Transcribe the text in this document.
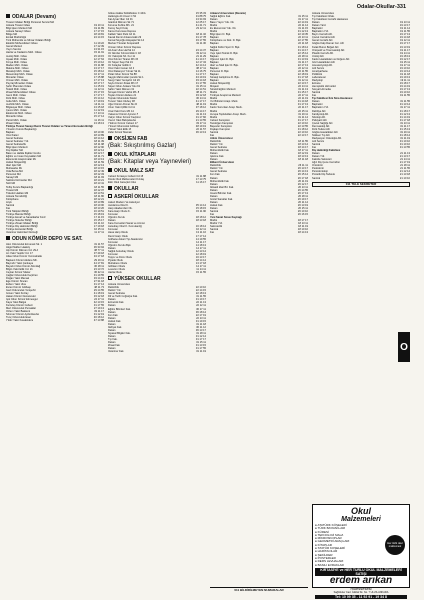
Odalar-Okullar-331
ODALAR (Devamı)
Ticaret Odaları Birliği Personel Servisi Md
Ankara Ticaret Odası	19 10 11
Bilgi İşlem Merkezi Md	19 11 89
Ankara Sanayi Odası	17 17 15
Bölge Md	18 19 81
Emlak Müdürlüğü	24 14 15
Türk Mühendis ve Mimar Odaları Birliği
Elektrik Mühendisleri Odası	11 19 22
Genel Merkez	17 12 39
Yayın Servisi	13 31 15
Harita ve Kadastro Müh. Odası	15 11 91
Jeoloji Müh. Odası	15 19 15
İnşaat Müh. Odası	12 17 64
Kimya Müh. Odası	15 10 12
Maden Müh. Odası	15 11 88
Makina Müh. Odası	13 17 17
Metalurji Müh. Odası	15 18 12
Meteoroloji Müh. Odası	16 17 11
Mimarlar Odası	17 15 88
Orman Müh. Odası	17 17 13
Peyzaj Mimarları Odası	18 17 17
Şehir Plancıları Odası	11 15 19
Tekstil Müh. Odası	11 12 11
Ziraat Mühendisleri Odası	15 17 15
Gemi Müh. Odası	17 17 17
Fizik Müh. Odası	15 14 12
Gıda Müh. Odası	17 19 19
Jeofizik Müh. Odası	14 11 11
Bilgisayar Müh. Odası	13 15 18
Çevre Müh. Odası	11 12 19
Elektronik Müh. Odası	17 13 11
Mimarlık Odası	15 17 14
Petrol Müh. Odası	11 16 11
Ziraat Odası	13 18 13
Türkiye Ticaret Sanayi Deniz Ticaret Odaları ve Ticaret Borsaları Birliği
Yönetim Kurulu Başkanlığı
Başkan	18 10 00
Özel Kalem	18 13 89
Genel Sekreter	18 14 12
Genel Sekreter Yrd.	18 11 39
Genel Sekreterlik	18 11 98
Bilgi İşlem Merkezi	18 12 90
Dış İlişkiler Md	18 12 14
Basın ve Halkla İlişkiler Grubu	18 12 17
Eğitim ve İnsan Kaynakları Md	18 11 71
Ekonomik Araştırmalar Md	18 13 13
Hukuk Müşavirliği	18 11 59
İdari İşler Md	18 12 13
Muhasebe Md	18 13 15
Oda Borsa Md	18 12 49
Personel Md	18 12 33
Sanayi Md	18 11 93
Sektörel Hizmetler Md	18 13 21
Sicil Md	18 13 41
Teftiş Kurulu Başkanlığı	18 11 55
Ticaret Md	18 12 37
Tüketici Hakları Md	18 13 51
Ankara Temsilciliği	18 11 80
Kütüphane	18 12 21
Arşiv	18 13 89
Santral	18 10 00
Fax	18 13 26
Türk Tabipleri Birliği	16 19 51
Türkiye Barolar Birliği	15 18 19
Türkiye Esnaf ve Sanatkarlar Konf.	17 11 15
Türkiye Noterler Birliği	15 15 17
Türkiye Ziraat Odaları Birliği	16 11 10
Türkiye Diş Hekimleri Birliği	17 19 18
Türkiye Eczacılar Birliği	16 15 11
Veteriner Hekimleri Derneği	11 17 11
ODUN KÖMÜR DEPO VE SAT.
Akın Odunculuk Ermenek Sk. 1	31 11 57
Akgül Nalbur Hasköy	36 33 94
Alp Kömür Dikmen Cd. 29 A	38 77 11
Arı Yakıt Yeşilöz Cd. 17	37 49 18
Atlas Odun Kömür Yenimahalle	34 17 18
Başkent Kömür Akdere Mh.	29 19 11
Bayındır Yakıt Çankaya	44 17 81
Beyazıt Odun Kömür Altındağ	36 18 11
Bilgin Yakıt Etlik Cd. 21	23 13 72
Ceylan Kömür Siteler	36 22 11
Çağlar Odunculuk Keçiören	31 19 55
Doğan Yakıt Mamak	33 14 19
Ege Kömür Sincan	27 31 18
Erdem Yakıt Ulus	31 17 14
Evren Kömür Gölbaşı	48 11 73
Gazi Odunculuk Yenişehir	29 14 55
Güven Yakıt Kızılay	41 18 19
Hakan Kömür Demetevler	33 12 18
Işık Odun Kömür Etimesgut	24 17 11
Kaya Yakıt Balgat	42 13 15
Kurtuluş Kömür Cebeci	31 17 55
Mert Odunculuk Pursaklar	27 19 13
Özlem Yakıt Batıkent	33 11 17
Sönmez Kömür Aydınlıkevler	31 12 19
Tunç Odunculuk Esat	46 18 12
Yıldız Yakıt Kavaklıdere	47 13 88
Göksu Halka Sülükbükce C 44/A	15 35 33
Hellenglu Ali Ünver C 52	31 88 75
Kat Ayvaz İlker Cd 31	13 34 93
İstanbul Dikmen Sk 71	12 25 17
Koruma Kubbe Mh. 21	41 41 71
Kuzey Seyri Kolej	23 12 11
Kamu Koruması Deposu
Kaliteli Yakıt Park Cd 11	18 11 32
Kavak Demir Ankara Halk 29	31 17 78
Kemal Soyoğlu Alayaşlar Sk 14	33 17 55
Merkez Tücarat Kooperatifi	41 11 30
Orman Odun Kömür Deposu
Ali Anar Ulus Hal Sk 14	23 14 37
Öz İkimiler Kömürcülük C 18	33 12 11
Öz Yakıtçılık Sh. Kur 11	21 11 29
Özel Kömür Ticaret Mh 15	41 14 17
Öz Süper Sayıl Sk 19	12 17 34
Öz Kolaylar Gidlik C	42 14 14
Özel Yakıt Cenan Cd 4	38 17 11
Özel Dalanyoz Yılmaz Sk 11	14 16 75
Polat Odun Kömür Sk 88	11 17 17
Saygılı Mahmutlar Çamlık Sk 1	43 19 19
Sevgi Yakıt Yenişehir Cd 26	33 14 18
Soylu Kömür Ziraat Mh 17	31 17 55
Süper Odun Ankara Yolu 91	31 15 11
Şahin Yakıt Dikmen 31	22 14 51
Şimşek Kömür Varlık Mh. 8	38 11 71
Taylan Kömür Akdere 21	33 12 18
Toprak Odunculuk Siteler	36 14 11
Tuncer Yakıt Ulubey 38	41 17 17
Uğur Kömür Ahmet Sk 29	48 11 19
Uzun Yakıt Çiftlik Cd 11	37 18 12
Ünal Yakıt Koru Mh 14	29 14 17
Yakamoz Kömür Ayrancı 5	41 11 13
Yalçın Odun Kömür Keçiören	31 17 82
Yavuz Yakıt Bahçelievler	21 13 55
Yıldırım Kömür Cebeci 17	33 17 11
Yılmaz Odunculuk Gölbaşı	48 19 19
Yüksel Yakıt Etlik 18	22 11 57
Zafer Kömür Mamak	36 13 13
OKSİJEN FAB
(Bak: Sıkıştırılmış Gazlar)
OKUL KİTAPLARI
(Bak: Kitaplar veya Yayınevleri)
OKUL MALZ SAT
Cebeci Kırtasiye Cebeci Cd 18	31 11 88
Doruk Okul Malzemeleri Kızılay	17 13 75
Ekin Okul Gereçleri Ulus	11 16 17
OKULLAR
ASKERİ OKULLAR
Askeri Modern Ve Askeriyer
Jandarma Okul K.	35 14 14
Harp Akademileri Ok.	15 18 15
Kara Harp Okulu K.	15 11 90
Komutan
Öğretim Kurulu	18 18 12
Dekan	18 13 18
Kara Kuvvetleri Sanat ve Armoni
Astsubay Okul K. Komutanlığı	16 18 14
Komutan	16 12 11
Hava Harp Okulu	13 11 16
Deniz Harp Okulu	17 17 14
Gülhane Askeri Tıp Akademisi	14 19 55
Komutan	14 11 17
Öğretim Kurulu Bşk.	14 18 13
Dekan	14 17 11
Sağlık Astsubay Okulu	12 13 14
Komutan	12 18 19
Topçu ve Füze Okulu	16 13 17
Piyade Okulu	18 14 14
Muhabere Okulu	13 17 18
İstihkam Okulu	14 17 11
Levazım Okulu	11 14 11
Harita Okulu	15 11 55
YÜKSEK OKULLAR
Ankara Üniversitesi
Rektörlük	22 10 10
Rektör Yrd.	22 14 15
Genel Sekreter	22 18 13
Dil ve Tarih Coğrafya Fak.	31 11 55
Dekan	31 10 17
Eczacılık Fak.	22 11 13
Dekan	22 12 11
Eğitim Bilimleri Fak.	36 17 11
Dekan	36 18 14
Fen Fak.	22 17 19
Dekan	22 13 11
Hukuk Fak.	31 19 15
Dekan	31 11 18
İlahiyat Fak.	36 11 12
Dekan	36 13 17
Siyasal Bilgiler Fak.	31 18 11
Dekan	31 12 14
Tıp Fak.	31 17 17
Dekan	31 15 11
Ziraat Fak.	31 13 15
Dekan	31 17 55
Veteriner Fak.	31 11 19
Ankara Üniversitesi (Devamı)
Sağlık Eğitim Fak.	31 15 11
Dekan	31 17 11
Basın Yayın Yük. Ok.	22 14 19
Müdür	22 11 14
Ev Ekonomisi Yük. Ok.	31 11 15
Müdür	31 12 13
Bilgi İşlem D. Bşk.	22 19 35
Başkan	22 13 11
Kütüphane ve Dok. D. Bşk.	22 17 55
Başkan	22 11 18
Sağlık Kültür Spor D. Bşk.	31 18 14
Başkan	31 14 17
Yapı İşleri Teknik D. Bşk.	22 15 14
Başkan	22 18 11
Öğrenci İşleri D. Bşk.	31 13 19
Başkan	31 11 17
İdari ve Mali İşler D. Bşk.	22 17 13
Başkan	22 12 11
Personel D. Bşk.	22 11 55
Başkan	22 18 19
Strateji Geliştirme D. Bşk.	31 17 18
Başkan	31 12 11
Hukuk Müşavirliği	22 13 17
Müşavir	22 14 11
Sürekli Eğitim Merkezi	31 11 13
Müdür	31 15 17
Türkiyat Araştırma Merkezi	22 17 11
Müdür	22 11 19
Yer Bilimleri Araşt. Merk.	31 14 18
Müdür	31 17 13
Kadın Sorunları Araşt. Merk.	22 11 17
Müdür	22 15 11
Avrupa Toplulukları Araşt. Merk.	31 19 11
Müdür	31 11 14
Cebeci Kampüsü	31 17 17
Tandoğan Kampüsü	22 10 10
Beşevler Kampüsü	22 13 55
Dışkapı Kampüsü	31 18 12
Santral	22 10 10
Fax	22 13 17
Atılım Üniversitesi
Rektörlük	18 11 55
Rektör Yrd.	18 13 14
Genel Sekreter	18 14 17
Mühendislik Fak.	18 17 11
Dekan	18 12 19
İşletme Fak.	18 13 13
Dekan	18 11 18
Bilkent Üniversitesi
Rektörlük	26 11 11
Rektör Yrd.	26 13 17
Genel Sekreter	26 14 13
Fen Fak.	26 15 14
Dekan	26 17 18
Mühendislik Fak.	26 11 19
Dekan	26 12 17
İktisadi İdari Bil. Fak.	26 13 11
Dekan	26 14 55
İnsani Bilimler Fak.	26 17 13
Dekan	26 18 11
Güzel Sanatlar Fak.	26 19 17
Dekan	26 11 14
Hukuk Fak.	26 13 19
Dekan	26 15 11
Santral	26 10 10
Fax	26 16 15
Yeni Sanat Sırası Kaynağı
Müdür	18 17 17
Müdür Yrd.	18 13 11
Sekreterlik	18 11 19
Santral	18 10 10
Fax	18 14 13
011 BİLDİRİLMEYEN NUMARALAR
Ankara Üniversitesi
Tıp Fakültesi Ortak.
Tıp Fakültesi Cerrahi Hastanesi
Dekan	19 13 11
Dekan Yard.	19 13 17
Başhekim	19 11 14
Başhekim Yrd.	19 11 55
Beyin Cerrahi AD.	19 17 13
Çocuk Cerrahisi AD.	19 14 18
Genel Cerrahi AD.	19 12 11
Göğüs Kalp Damar Cer. AD.	19 17 17
Kulak Burun Boğaz AD.	19 13 19
Ortopedi ve Travmatoloji AD.	19 11 17
Plastik Cerrahi AD.	19 14 11
Üroloji AD.	19 18 13
Kadın Hastalıkları ve Doğum AD.	19 12 17
Göz Hastalıkları AD.	19 15 11
Anesteziyoloji AD.	19 17 11
Acil Servis	19 10 10
Ameliyathane	19 13 14
Poliklinik	19 11 18
Laboratuvar	19 19 13
Radyoloji	19 11 11
Eczane	19 18 17
Hemşirelik Hizmetleri	19 14 19
Sosyal Hizmetler	19 17 13
Santral	19 10 10
Fax	19 11 55
Tıp Fakültesi İbni Sina Hastanesi
Dekan	31 11 55
Başhekim	31 13 14
Başhekim Yrd.	31 17 11
Dahiliye AD.	31 18 17
Kardiyoloji AD.	31 12 13
Nöroloji AD.	31 14 19
Psikiyatri AD.	31 17 18
Çocuk Sağlığı AD.	31 13 11
Dermatoloji AD.	31 11 17
Fizik Tedavi AD.	31 15 13
Göğüs Hastalıkları AD.	31 19 11
Nükleer Tıp AD.	31 18 14
Radyasyon Onkolojisi AD.	31 11 19
Acil Servis	31 10 10
Santral	31 10 10
Fax	31 13 55
Diş Hekimliği Fakültesi
Dekan	21 11 13
Dekan Yrd.	21 13 17
Fakülte Sekreteri	21 14 11
Ağız Diş Çene Cerrahisi	21 17 19
Ortodonti	21 18 11
Pedodonti	21 11 55
Periodontoloji	21 12 14
Protetik Diş Tedavisi	21 13 18
Santral	21 10 10
011 TELE SEKRETER
Okul
Malzemeleri
● ATATÜRK KÖŞELERİ
● TÜRK BAYRAKLARI
● KÜRESİ
● TEKNOLOJİ MALZ.
● MİKROSKOPLAR
● GEOMETRİ ARAÇLARI
● KİTAPLAR
● STATÜR KOŞELERİ
● HARİTACILAR
● ŞEKİLDER
● POSTERLER
● DERS LEVHALARI
● BASILI EVRAKLAR
Her türlü okul malzemesi
KIRTASİYE ve HER TÜRLÜ OKUL MALZEMELERİ SATIŞI
erdem arıkan
müessesesi
Sağlıkkıler Cad. İstiklal Sk. No. 7 ULUS-ANKARA
Tel: 10 09 35 - 11 92 91 - 19 34 8
O
